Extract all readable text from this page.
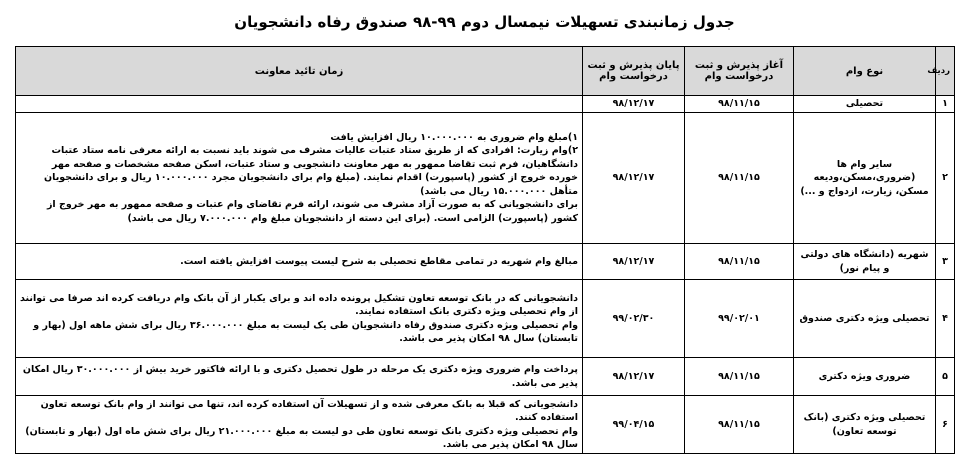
جدول زمانبندی تسهیلات نیمسال دوم ۹۹-۹۸ صندوق رفاه دانشجویان
ردیف	نوع وام	آغاز پذیرش و ثبت درخواست وام	پایان پذیرش و ثبت درخواست وام	زمان تائید معاونت
۱	تحصیلی	۹۸/۱۱/۱۵	۹۸/۱۲/۱۷	
۲	سایر وام ها (ضروری،مسکن،ودیعه مسکن، زیارت، ازدواج و ...)	۹۸/۱۱/۱۵	۹۸/۱۲/۱۷	۱)مبلغ وام ضروری به ۱۰.۰۰۰.۰۰۰ ریال افزایش یافت
۲)وام زیارت: افرادی که از طریق ستاد عتبات عالیات مشرف می شوند باید نسبت به ارائه معرفی نامه ستاد عتبات دانشگاهیان، فرم ثبت تقاضا ممهور به مهر معاونت دانشجویی و ستاد عتبات، اسکن صفحه مشخصات و صفحه مهر خورده خروج از کشور (پاسپورت) اقدام نمایند. (مبلغ وام برای دانشجویان مجرد ۱۰.۰۰۰.۰۰۰ ریال و برای دانشجویان متأهل ۱۵.۰۰۰.۰۰۰ ریال می باشد)
برای دانشجویانی که به صورت آزاد مشرف می شوند، ارائه فرم تقاضای وام عتبات و صفحه ممهور به مهر خروج از کشور (پاسپورت) الزامی است. (برای این دسته از دانشجویان مبلغ وام ۷.۰۰۰.۰۰۰ ریال می باشد)

۳	شهریه (دانشگاه های دولتی و پیام نور)	۹۸/۱۱/۱۵	۹۸/۱۲/۱۷	مبالغ وام شهریه در تمامی مقاطع تحصیلی به شرح لیست پیوست افزایش یافته است.

۴	تحصیلی ویژه دکتری صندوق	۹۹/۰۲/۰۱	۹۹/۰۲/۳۰	دانشجویانی که در بانک توسعه تعاون تشکیل پرونده داده اند و برای یکبار از آن بانک وام دریافت کرده اند صرفا می توانند از وام تحصیلی ویژه دکتری بانک استفاده نمایند.
وام تحصیلی ویژه دکتری صندوق رفاه دانشجویان طی یک لیست به مبلغ ۳۶.۰۰۰.۰۰۰ ریال برای شش ماهه اول (بهار و تابستان) سال ۹۸ امکان پذیر می باشد.

۵	ضروری ویژه دکتری	۹۸/۱۱/۱۵	۹۸/۱۲/۱۷	پرداخت وام ضروری ویژه دکتری یک مرحله در طول تحصیل دکتری و با ارائه فاکتور خرید بیش از ۳۰.۰۰۰.۰۰۰ ریال امکان پذیر می باشد.

۶	تحصیلی ویژه دکتری (بانک توسعه تعاون)	۹۸/۱۱/۱۵	۹۹/۰۴/۱۵	دانشجویانی که قبلا به بانک معرفی شده و از تسهیلات آن استفاده کرده اند، تنها می توانند از وام بانک توسعه تعاون استفاده کنند.
وام تحصیلی ویژه دکتری بانک توسعه تعاون طی دو لیست به مبلغ ۲۱.۰۰۰.۰۰۰ ریال برای شش ماه اول (بهار و تابستان) سال ۹۸ امکان پذیر می باشد.
